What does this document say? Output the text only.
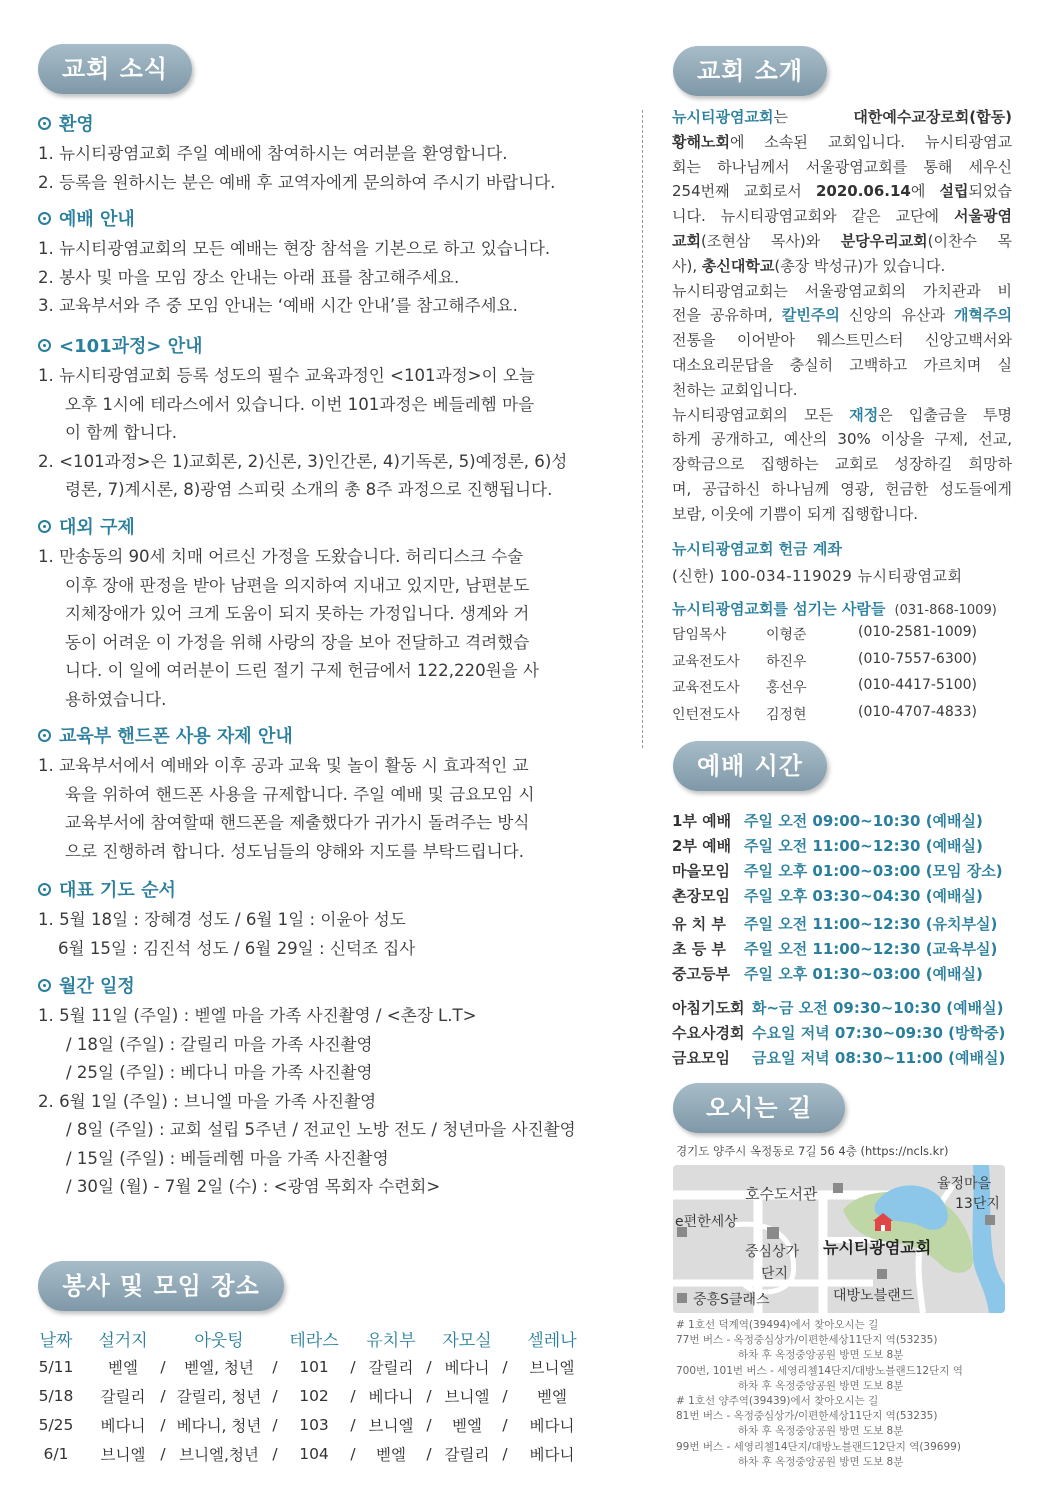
교회 소식	교회 소개
예배 시간
오시는 길
봉사 및 모임 장소
환영
1. 뉴시티광염교회 주일 예배에 참여하시는 여러분을 환영합니다.
2. 등록을 원하시는 분은 예배 후 교역자에게 문의하여 주시기 바랍니다.
예배 안내
1. 뉴시티광염교회의 모든 예배는 현장 참석을 기본으로 하고 있습니다.
2. 봉사 및 마을 모임 장소 안내는 아래 표를 참고해주세요.
3. 교육부서와 주 중 모임 안내는 ‘예배 시간 안내’를 참고해주세요.
<101과정> 안내
1. 뉴시티광염교회 등록 성도의 필수 교육과정인 <101과정>이 오늘
오후 1시에 테라스에서 있습니다. 이번 101과정은 베들레헴 마을
이 함께 합니다.
2. <101과정>은 1)교회론, 2)신론, 3)인간론, 4)기독론, 5)예정론, 6)성
령론, 7)계시론, 8)광염 스피릿 소개의 총 8주 과정으로 진행됩니다.
대외 구제
1. 만송동의 90세 치매 어르신 가정을 도왔습니다. 허리디스크 수술
이후 장애 판정을 받아 남편을 의지하여 지내고 있지만, 남편분도
지체장애가 있어 크게 도움이 되지 못하는 가정입니다. 생계와 거
동이 어려운 이 가정을 위해 사랑의 장을 보아 전달하고 격려했습
니다. 이 일에 여러분이 드린 절기 구제 헌금에서 122,220원을 사
용하였습니다.
교육부 핸드폰 사용 자제 안내
1. 교육부서에서 예배와 이후 공과 교육 및 놀이 활동 시 효과적인 교
육을 위하여 핸드폰 사용을 규제합니다. 주일 예배 및 금요모임 시
교육부서에 참여할때 핸드폰을 제출했다가 귀가시 돌려주는 방식
으로 진행하려 합니다. 성도님들의 양해와 지도를 부탁드립니다.
대표 기도 순서
1. 5월 18일 : 장혜경 성도 / 6월 1일 : 이윤아 성도
6월 15일 : 김진석 성도 / 6월 29일 : 신덕조 집사
월간 일정
1. 5월 11일 (주일) : 벧엘 마을 가족 사진촬영 / <촌장 L.T>
/ 18일 (주일) : 갈릴리 마을 가족 사진촬영
/ 25일 (주일) : 베다니 마을 가족 사진촬영
2. 6월 1일 (주일) : 브니엘 마을 가족 사진촬영
/ 8일 (주일) : 교회 설립 5주년 / 전교인 노방 전도 / 청년마을 사진촬영
/ 15일 (주일) : 베들레헴 마을 가족 사진촬영
/ 30일 (월) - 7월 2일 (수) : <광염 목회자 수련회>
뉴시티광염교회는 대한예수교장로회(합동)
황해노회에 소속된 교회입니다. 뉴시티광염교
회는 하나님께서 서울광염교회를 통해 세우신
254번째 교회로서 2020.06.14에 설립되었습
니다. 뉴시티광염교회와 같은 교단에 서울광염
교회(조현삼 목사)와 분당우리교회(이찬수 목
사), 총신대학교(총장 박성규)가 있습니다.
뉴시티광염교회는 서울광염교회의 가치관과 비
전을 공유하며, 칼빈주의 신앙의 유산과 개혁주의
전통을 이어받아 웨스트민스터 신앙고백서와
대소요리문답을 충실히 고백하고 가르치며 실
천하는 교회입니다.
뉴시티광염교회의 모든 재정은 입출금을 투명
하게 공개하고, 예산의 30% 이상을 구제, 선교,
장학금으로 집행하는 교회로 성장하길 희망하
며, 공급하신 하나님께 영광, 헌금한 성도들에게
보람, 이웃에 기쁨이 되게 집행합니다.
뉴시티광염교회 헌금 계좌
(신한) 100-034-119029 뉴시티광염교회
뉴시티광염교회를 섬기는 사람들 (031-868-1009)
담임목사	이형준	(010-2581-1009)
교육전도사 하진우	(010-7557-6300)
교육전도사 홍선우	(010-4417-5100)
인턴전도사 김정현	(010-4707-4833)
1부 예배 주일 오전 09:00~10:30 (예배실)
2부 예배 주일 오전 11:00~12:30 (예배실)
마을모임 주일 오후 01:00~03:00 (모임 장소)
촌장모임 주일 오후 03:30~04:30 (예배실)
유 치 부 주일 오전 11:00~12:30 (유치부실)
초 등 부 주일 오전 11:00~12:30 (교육부실)
중고등부 주일 오후 01:30~03:00 (예배실)
아침기도회 화~금 오전 09:30~10:30 (예배실)
수요사경회 수요일 저녁 07:30~09:30 (방학중)
금요모임 금요일 저녁 08:30~11:00 (예배실)
경기도 양주시 옥정동로 7길 56 4층 (https://ncls.kr)
호수도서관
율정마을
13단지
e편한세상
중심상가
단지
뉴시티광염교회
중흥S클래스	대방노블랜드
# 1호선 덕계역(39494)에서 찾아오시는 길
77번 버스 - 옥정중심상가/이편한세상11단지 역(53235)
하차 후 옥정중앙공원 방면 도보 8분
700번, 101번 버스 - 세영리첼14단지/대방노블랜드12단지 역
하차 후 옥정중앙공원 방면 도보 8분
# 1호선 양주역(39439)에서 찾아오시는 길
81번 버스 - 옥정중심상가/이편한세상11단지 역(53235)
하차 후 옥정중앙공원 방면 도보 8분
99번 버스 - 세영리첼14단지/대방노블랜드12단지 역(39699)
하차 후 옥정중앙공원 방면 도보 8분
날짜		설거지		아웃팅		테라스		유치부		자모실		셀레나
5/11		벧엘	/	벧엘, 청년	/	101	/	갈릴리	/	베다니	/	브니엘
5/18		갈릴리	/	갈릴리, 청년	/	102	/	베다니	/	브니엘	/	벧엘
5/25		베다니	/	베다니, 청년	/	103	/	브니엘	/	벧엘	/	베다니
6/1		브니엘	/	브니엘,청년	/	104	/	벧엘	/	갈릴리	/	베다니
